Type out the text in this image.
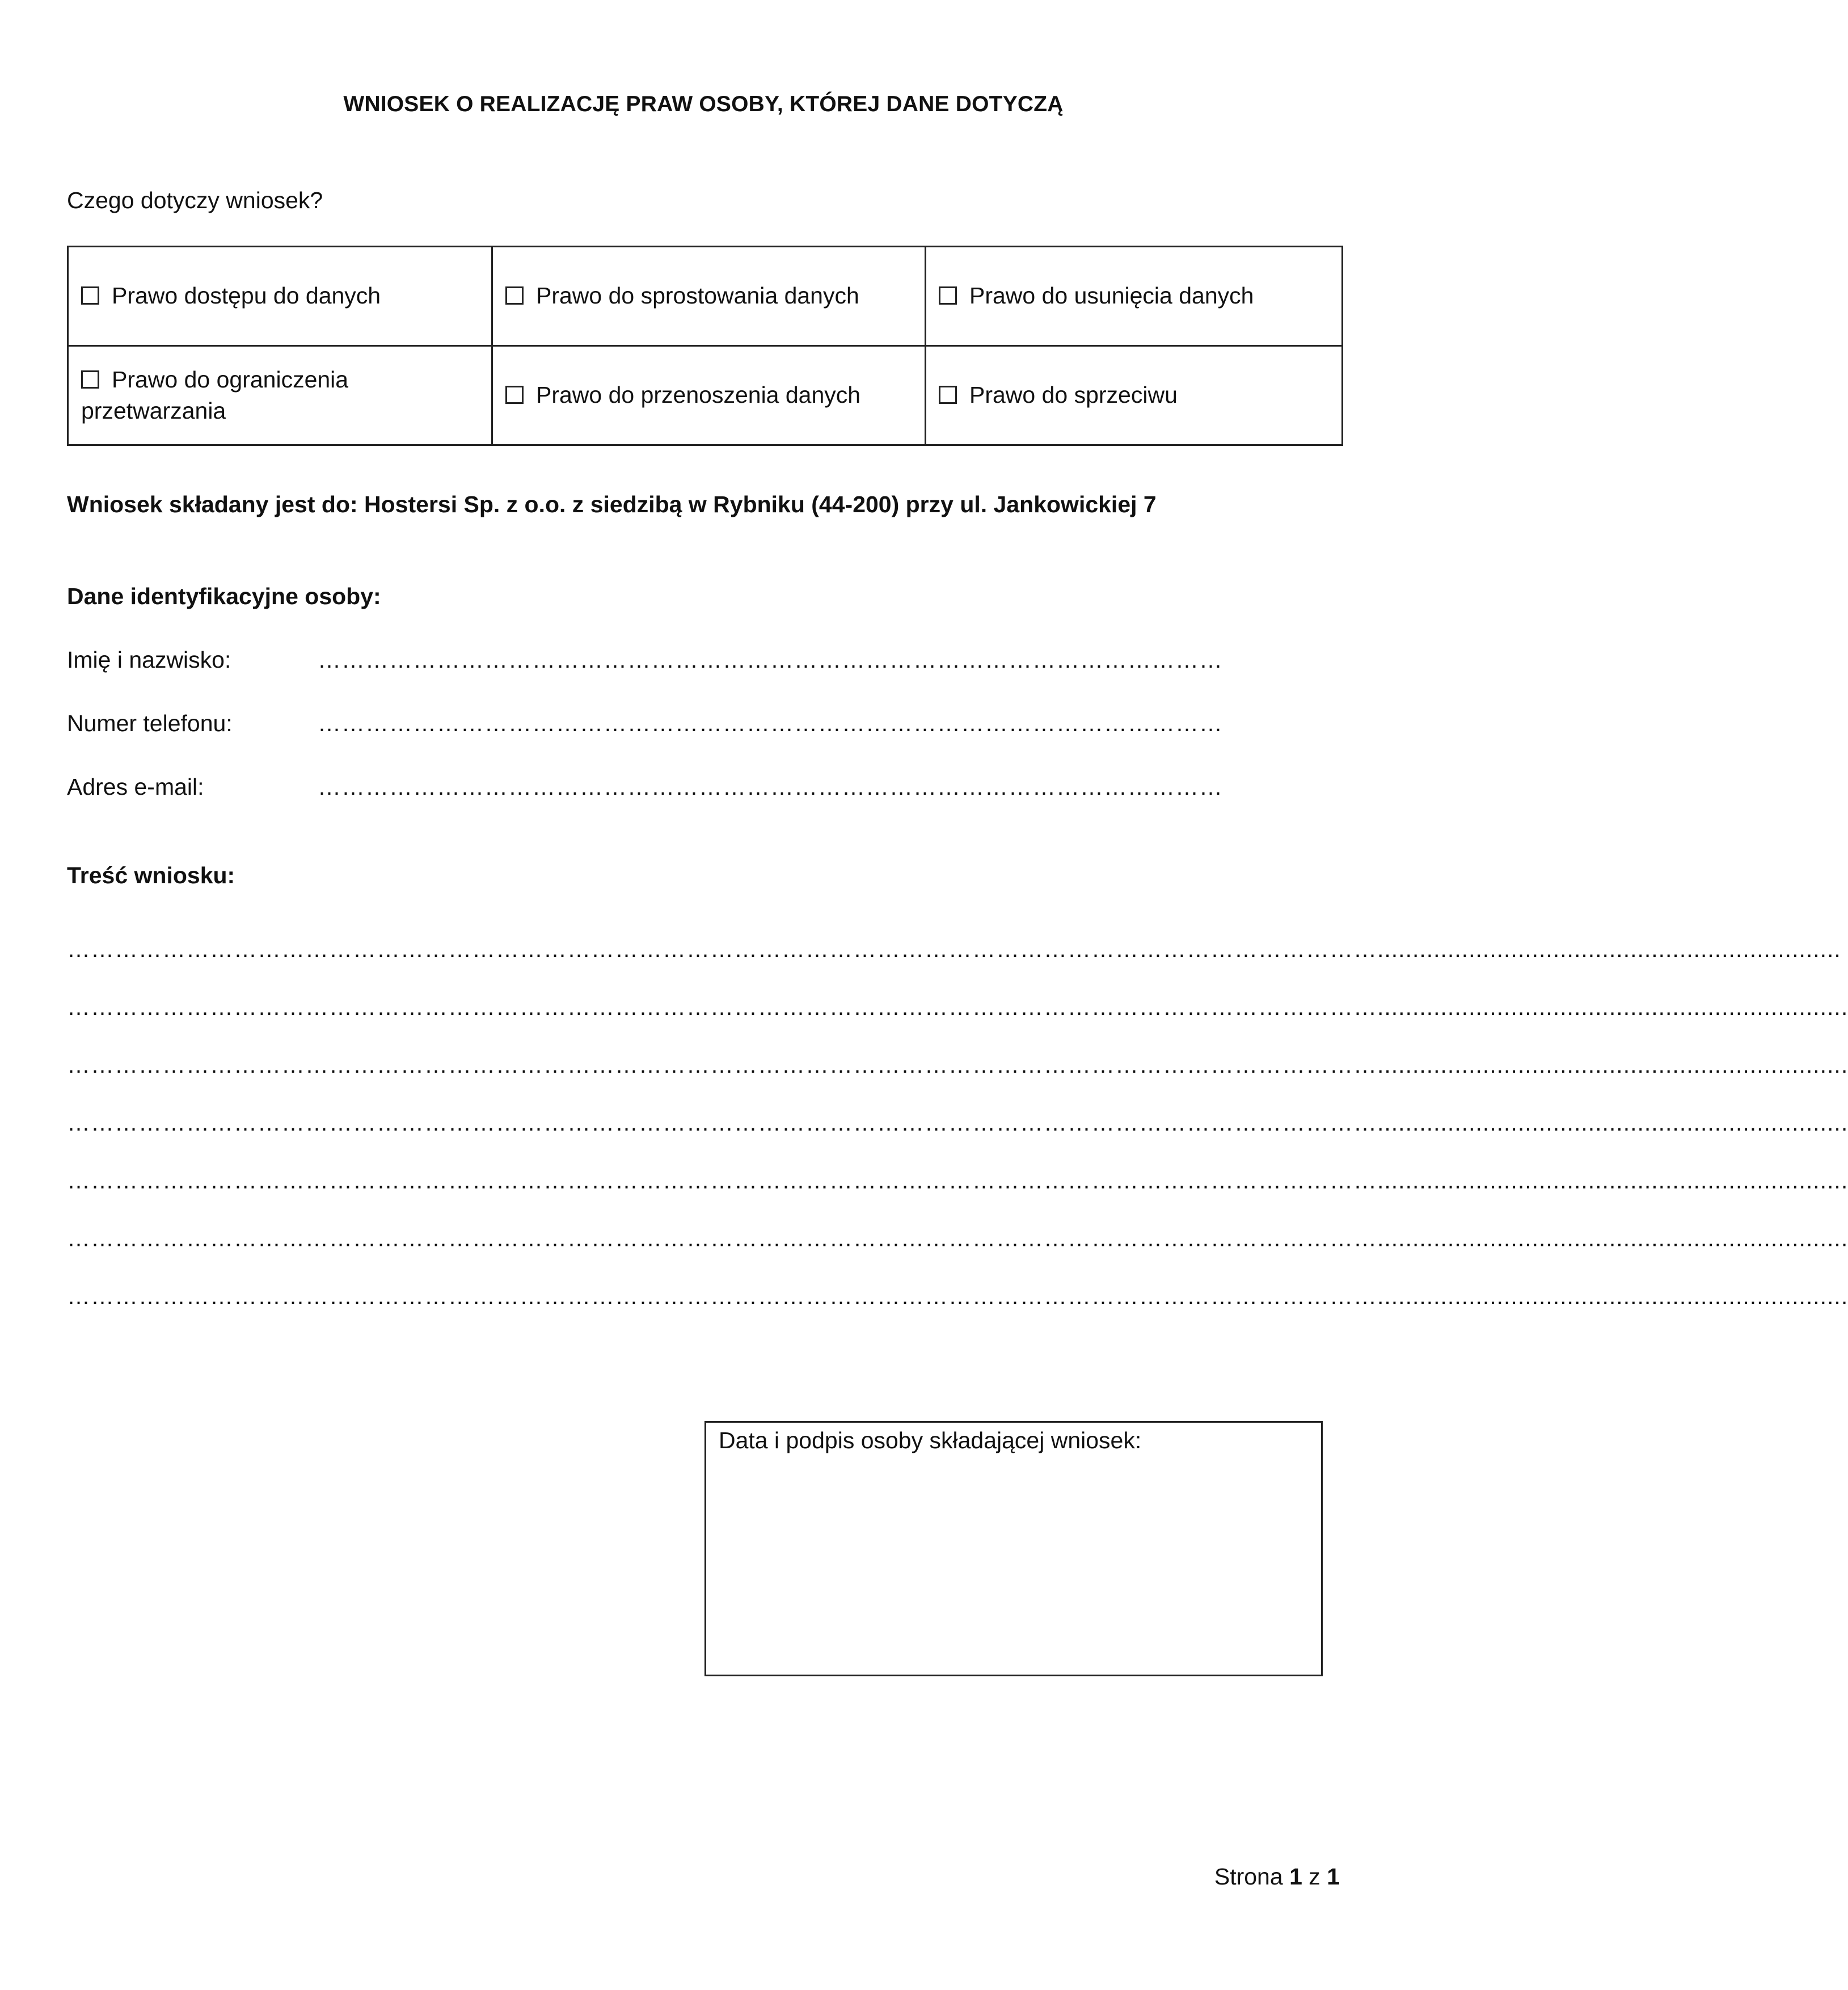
WNIOSEK O REALIZACJĘ PRAW OSOBY, KTÓREJ DANE DOTYCZĄ
Czego dotyczy wniosek?
Prawo dostępu do danych	Prawo do sprostowania danych	Prawo do usunięcia danych
Prawo do ograniczenia przetwarzania	Prawo do przenoszenia danych	Prawo do sprzeciwu
Wniosek składany jest do: Hostersi Sp. z o.o. z siedzibą w Rybniku (44-200) przy ul. Jankowickiej 7
Dane identyfikacyjne osoby:
Imię i nazwisko:	……………………………………………………………………………………………………
Numer telefonu:	……………………………………………………………………………………………………
Adres e-mail:	……………………………………………………………………………………………………
Treść wniosku:
…………………………………………………………………………………………………………………………………………………..................................................................
…………………………………………………………………………………………………………………………………………………...................................................................
…………………………………………………………………………………………………………………………………………………...................................................................
…………………………………………………………………………………………………………………………………………………...................................................................
…………………………………………………………………………………………………………………………………………………...................................................................
…………………………………………………………………………………………………………………………………………………...................................................................
…………………………………………………………………………………………………………………………………………………...................................................................
Data i podpis osoby składającej wniosek:
Strona 1 z 1
